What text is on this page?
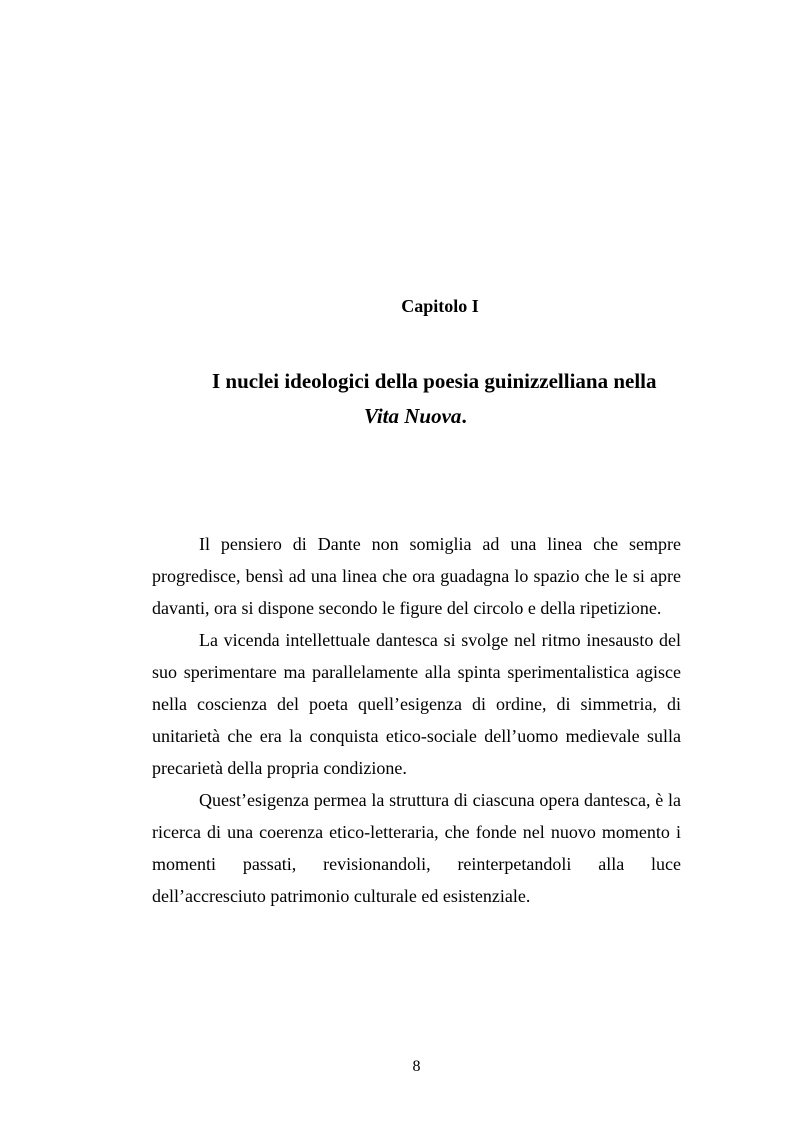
Capitolo I
I nuclei ideologici della poesia guinizzelliana nella
Vita Nuova.

Il pensiero di Dante non somiglia ad una linea che sempre progredisce, bensì ad una linea che ora guadagna lo spazio che le si apre davanti, ora si dispone secondo le figure del circolo e della ripetizione.

La vicenda intellettuale dantesca si svolge nel ritmo inesausto del suo sperimentare ma parallelamente alla spinta sperimentalistica agisce nella coscienza del poeta quell’esigenza di ordine, di simmetria, di unitarietà che era la conquista etico-sociale dell’uomo medievale sulla precarietà della propria condizione.

Quest’esigenza permea la struttura di ciascuna opera dantesca, è la ricerca di una coerenza etico-letteraria, che fonde nel nuovo momento i momenti passati, revisionandoli, reinterpetandoli alla luce dell’accresciuto patrimonio culturale ed esistenziale.

8
